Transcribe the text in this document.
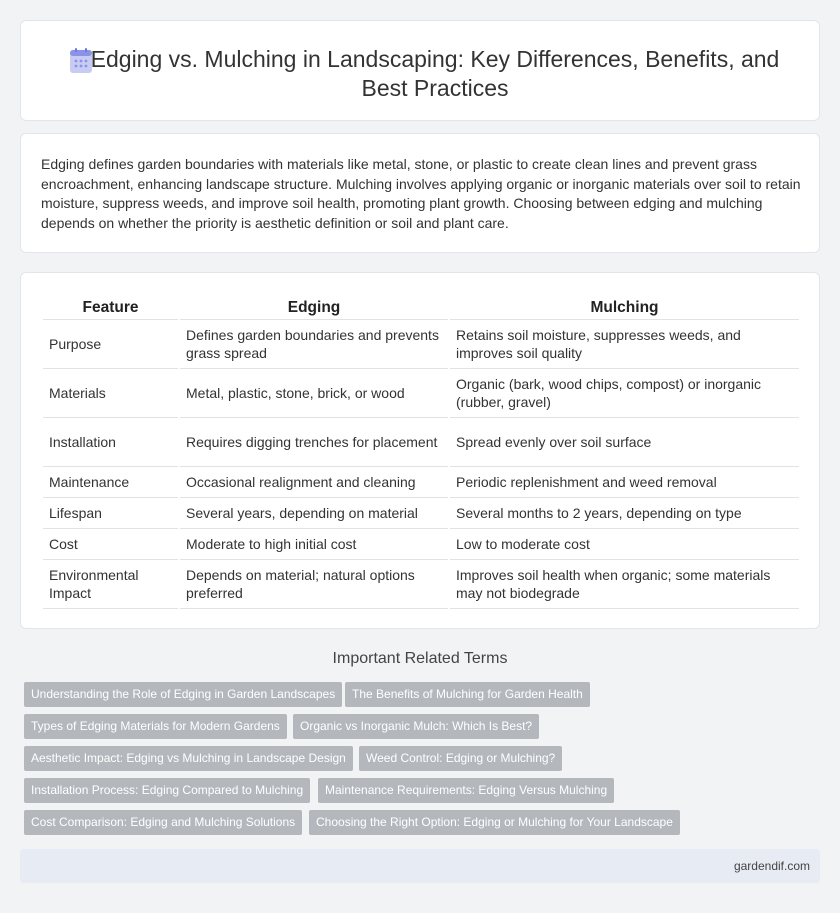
Edging vs. Mulching in Landscaping: Key Differences, Benefits, and Best Practices

Edging defines garden boundaries with materials like metal, stone, or plastic to create clean lines and prevent grass encroachment, enhancing landscape structure. Mulching involves applying organic or inorganic materials over soil to retain moisture, suppress weeds, and improve soil health, promoting plant growth. Choosing between edging and mulching depends on whether the priority is aesthetic definition or soil and plant care.

Feature	Edging	Mulching
Purpose	Defines garden boundaries and prevents grass spread	Retains soil moisture, suppresses weeds, and improves soil quality
Materials	Metal, plastic, stone, brick, or wood	Organic (bark, wood chips, compost) or inorganic (rubber, gravel)
Installation	Requires digging trenches for placement	Spread evenly over soil surface
Maintenance	Occasional realignment and cleaning	Periodic replenishment and weed removal
Lifespan	Several years, depending on material	Several months to 2 years, depending on type
Cost	Moderate to high initial cost	Low to moderate cost
Environmental Impact	Depends on material; natural options preferred	Improves soil health when organic; some materials may not biodegrade
Important Related Terms
Understanding the Role of Edging in Garden Landscapes	The Benefits of Mulching for Garden Health
Types of Edging Materials for Modern Gardens	Organic vs Inorganic Mulch: Which Is Best?
Aesthetic Impact: Edging vs Mulching in Landscape Design	Weed Control: Edging or Mulching?
Installation Process: Edging Compared to Mulching	Maintenance Requirements: Edging Versus Mulching
Cost Comparison: Edging and Mulching Solutions	Choosing the Right Option: Edging or Mulching for Your Landscape
gardendif.com
